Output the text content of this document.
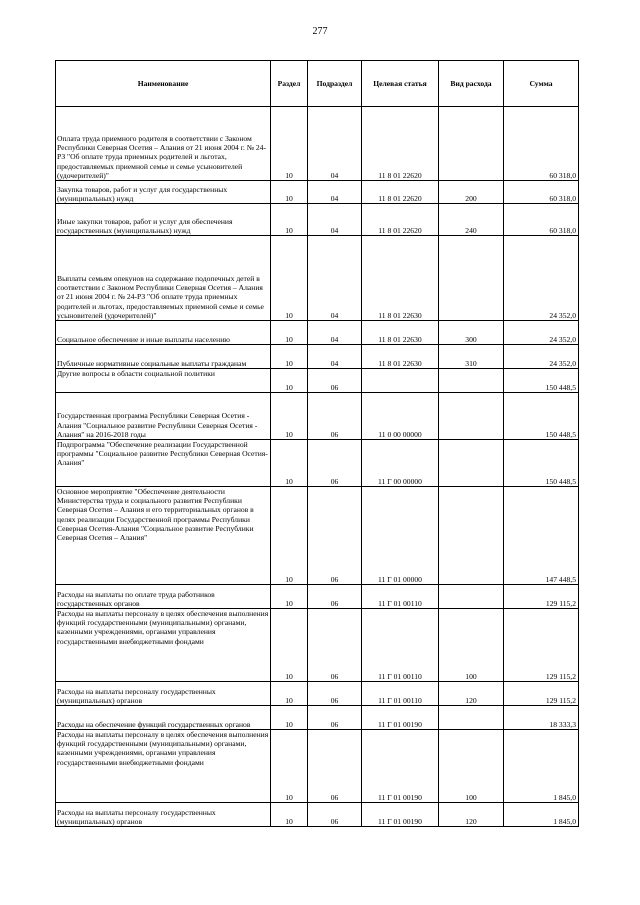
277
Наименование	Раздел	Подраздел	Целевая статья	Вид расхода	Сумма
Оплата труда приемного родителя в соответствии с Законом Республики Северная Осетия – Алания от 21 июня 2004 г. № 24-РЗ "Об оплате труда приемных родителей и льготах, предоставляемых приемной семье и семье усыновителей (удочерителей)"	10	04	11 8 01 22620		60 318,0
Закупка товаров, работ и услуг для государственных (муниципальных) нужд	10	04	11 8 01 22620	200	60 318,0
Иные закупки товаров, работ и услуг для обеспечения государственных (муниципальных) нужд	10	04	11 8 01 22620	240	60 318,0
Выплаты семьям опекунов на содержание подопечных детей в соответствии с Законом Республики Северная Осетия – Алания от 21 июня 2004 г. № 24-РЗ "Об оплате труда приемных родителей и льготах, предоставляемых приемной семье и семье усыновителей (удочерителей)"	10	04	11 8 01 22630		24 352,0
Социальное обеспечение и иные выплаты населению	10	04	11 8 01 22630	300	24 352,0
Публичные нормативные социальные выплаты гражданам	10	04	11 8 01 22630	310	24 352,0
Другие вопросы в области социальной политики	10	06			150 448,5
Государственная программа Республики Северная Осетия - Алания "Социальное развитие Республики Северная Осетия - Алания" на 2016-2018 годы	10	06	11 0 00 00000		150 448,5
Подпрограмма "Обеспечение реализации Государственной программы "Социальное развитие Республики Северная Осетия-Алания"	10	06	11 Г 00 00000		150 448,5
Основное мероприятие "Обеспечение деятельности Министерства труда и социального развития Республики Северная Осетия – Алания и его территориальных органов в целях реализации Государственной программы Республики Северная Осетия-Алания "Социальное развитие Республики Северная Осетия – Алания"	10	06	11 Г 01 00000		147 448,5
Расходы на выплаты по оплате труда работников государственных органов	10	06	11 Г 01 00110		129 115,2
Расходы на выплаты персоналу в целях обеспечения выполнения функций государственными (муниципальными) органами, казенными учреждениями, органами управления государственными внебюджетными фондами	10	06	11 Г 01 00110	100	129 115,2
Расходы на выплаты персоналу государственных (муниципальных) органов	10	06	11 Г 01 00110	120	129 115,2
Расходы на обеспечение функций государственных органов	10	06	11 Г 01 00190		18 333,3
Расходы на выплаты персоналу в целях обеспечения выполнения функций государственными (муниципальными) органами, казенными учреждениями, органами управления государственными внебюджетными фондами	10	06	11 Г 01 00190	100	1 845,0
Расходы на выплаты персоналу государственных (муниципальных) органов	10	06	11 Г 01 00190	120	1 845,0
